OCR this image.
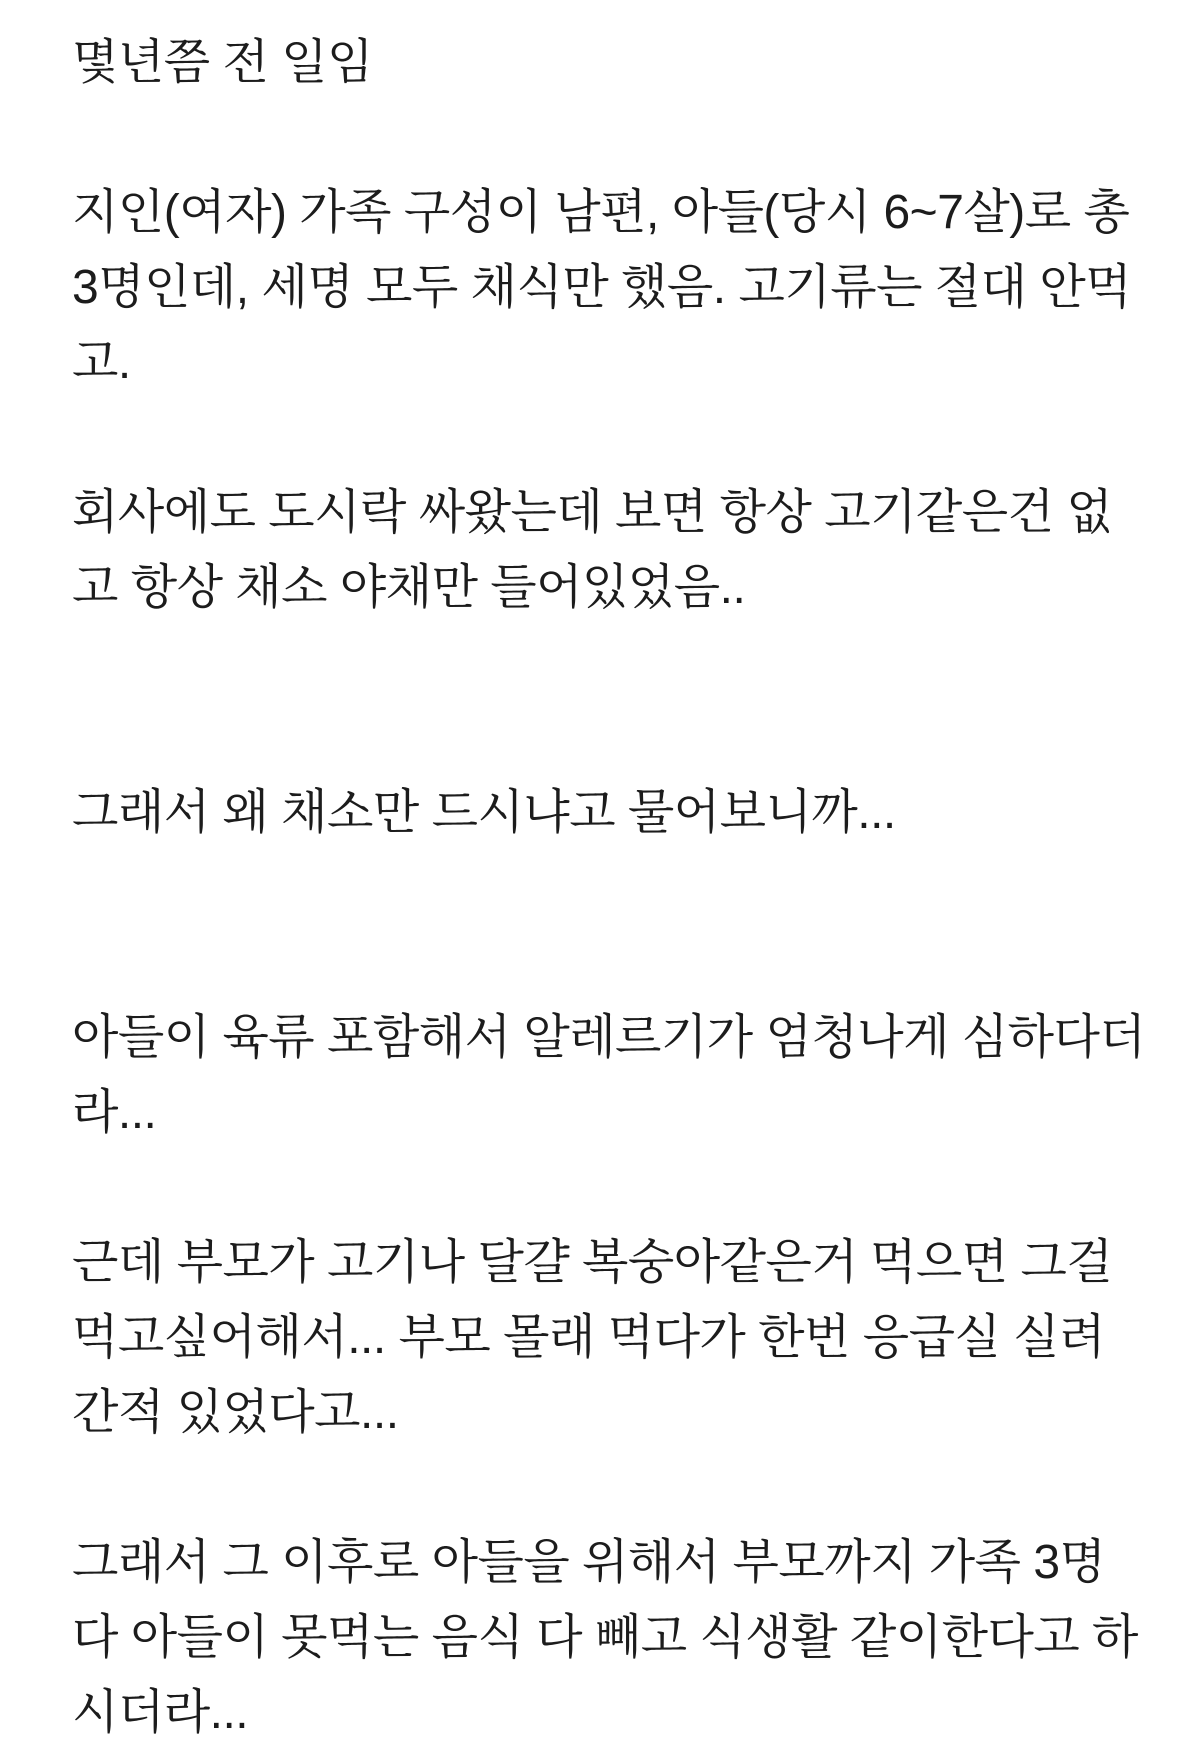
몇년쯤 전 일임

지인(여자) 가족 구성이 남편, 아들(당시 6~7살)로 총
3명인데, 세명 모두 채식만 했음. 고기류는 절대 안먹
고.

회사에도 도시락 싸왔는데 보면 항상 고기같은건 없
고 항상 채소 야채만 들어있었음..

그래서 왜 채소만 드시냐고 물어보니까...

아들이 육류 포함해서 알레르기가 엄청나게 심하다더
라...

근데 부모가 고기나 달걀 복숭아같은거 먹으면 그걸
먹고싶어해서... 부모 몰래 먹다가 한번 응급실 실려
간적 있었다고...

그래서 그 이후로 아들을 위해서 부모까지 가족 3명
다 아들이 못먹는 음식 다 빼고 식생활 같이한다고 하
시더라...
